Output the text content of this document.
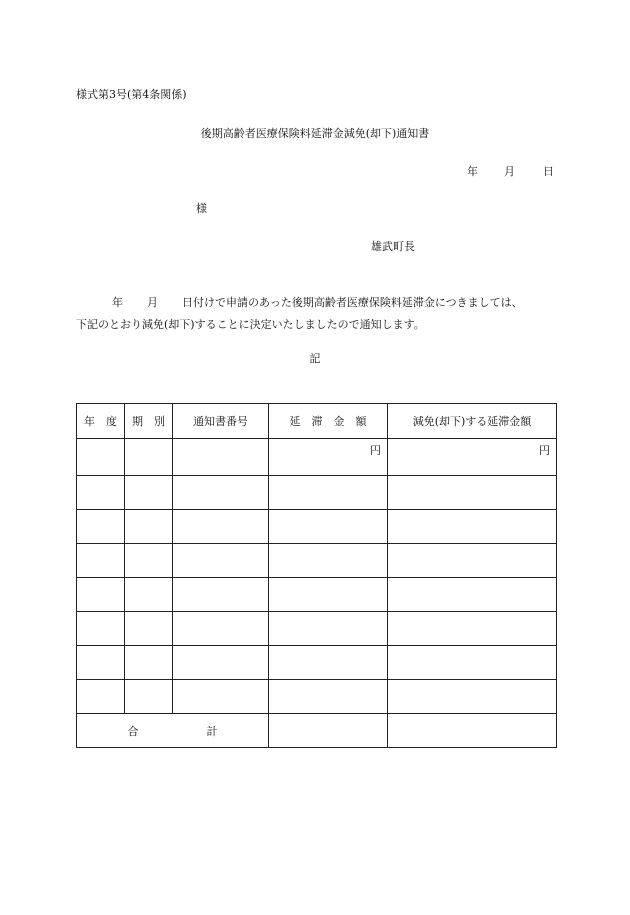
様式第3号(第4条関係)
後期高齢者医療保険料延滞金減免(却下)通知書
年 月	日
様
雄武町長
年 月 日付けで申請のあった後期高齢者医療保険料延滞金につきましては、
下記のとおり減免(却下)することに決定いたしましたので通知します。
記
年　度	期　別	通知書番号	延　滞　金　額	減免(却下)する延滞金額
			円	円

合 計				
